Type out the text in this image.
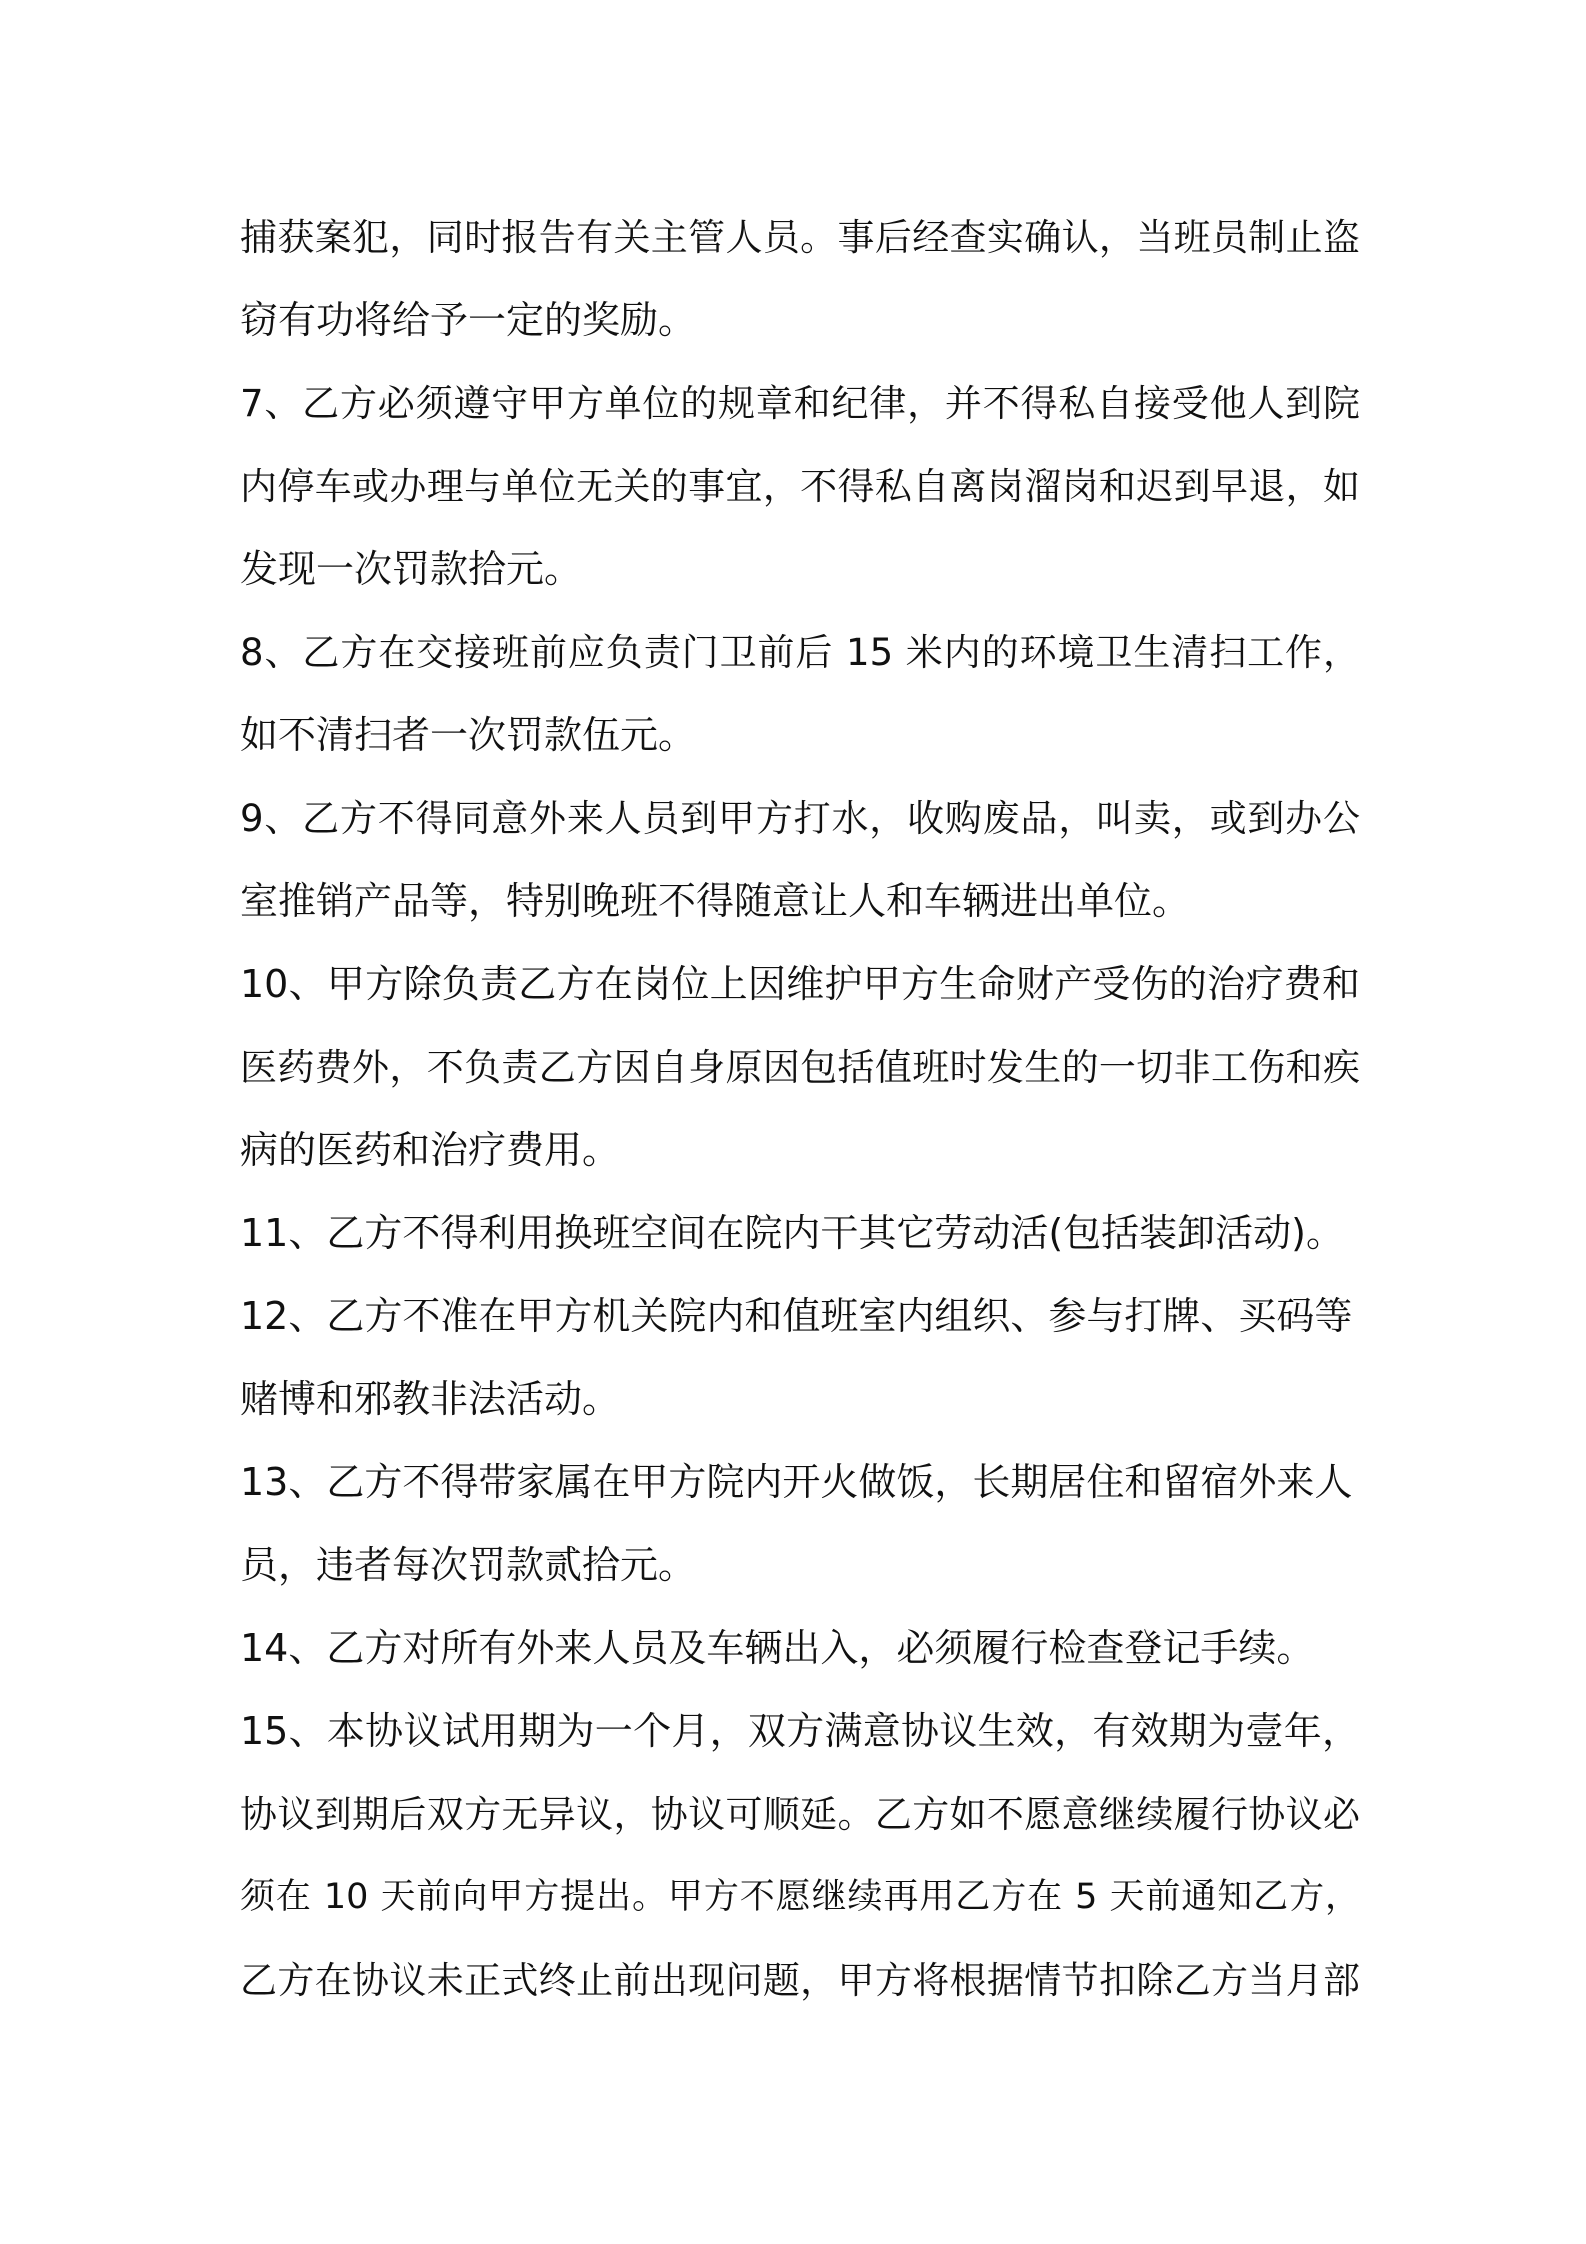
捕获案犯，同时报告有关主管人员。事后经查实确认，当班员制止盗
窃有功将给予一定的奖励。
7、乙方必须遵守甲方单位的规章和纪律，并不得私自接受他人到院
内停车或办理与单位无关的事宜，不得私自离岗溜岗和迟到早退，如
发现一次罚款拾元。
8、乙方在交接班前应负责门卫前后 15 米内的环境卫生清扫工作，
如不清扫者一次罚款伍元。
9、乙方不得同意外来人员到甲方打水，收购废品，叫卖，或到办公
室推销产品等，特别晚班不得随意让人和车辆进出单位。
10、甲方除负责乙方在岗位上因维护甲方生命财产受伤的治疗费和
医药费外，不负责乙方因自身原因包括值班时发生的一切非工伤和疾
病的医药和治疗费用。
11、乙方不得利用换班空间在院内干其它劳动活(包括装卸活动)。
12、乙方不准在甲方机关院内和值班室内组织、参与打牌、买码等
赌博和邪教非法活动。
13、乙方不得带家属在甲方院内开火做饭，长期居住和留宿外来人
员，违者每次罚款贰拾元。
14、乙方对所有外来人员及车辆出入，必须履行检查登记手续。
15、本协议试用期为一个月，双方满意协议生效，有效期为壹年，
协议到期后双方无异议，协议可顺延。乙方如不愿意继续履行协议必
须在 10 天前向甲方提出。甲方不愿继续再用乙方在 5 天前通知乙方，
乙方在协议未正式终止前出现问题，甲方将根据情节扣除乙方当月部
